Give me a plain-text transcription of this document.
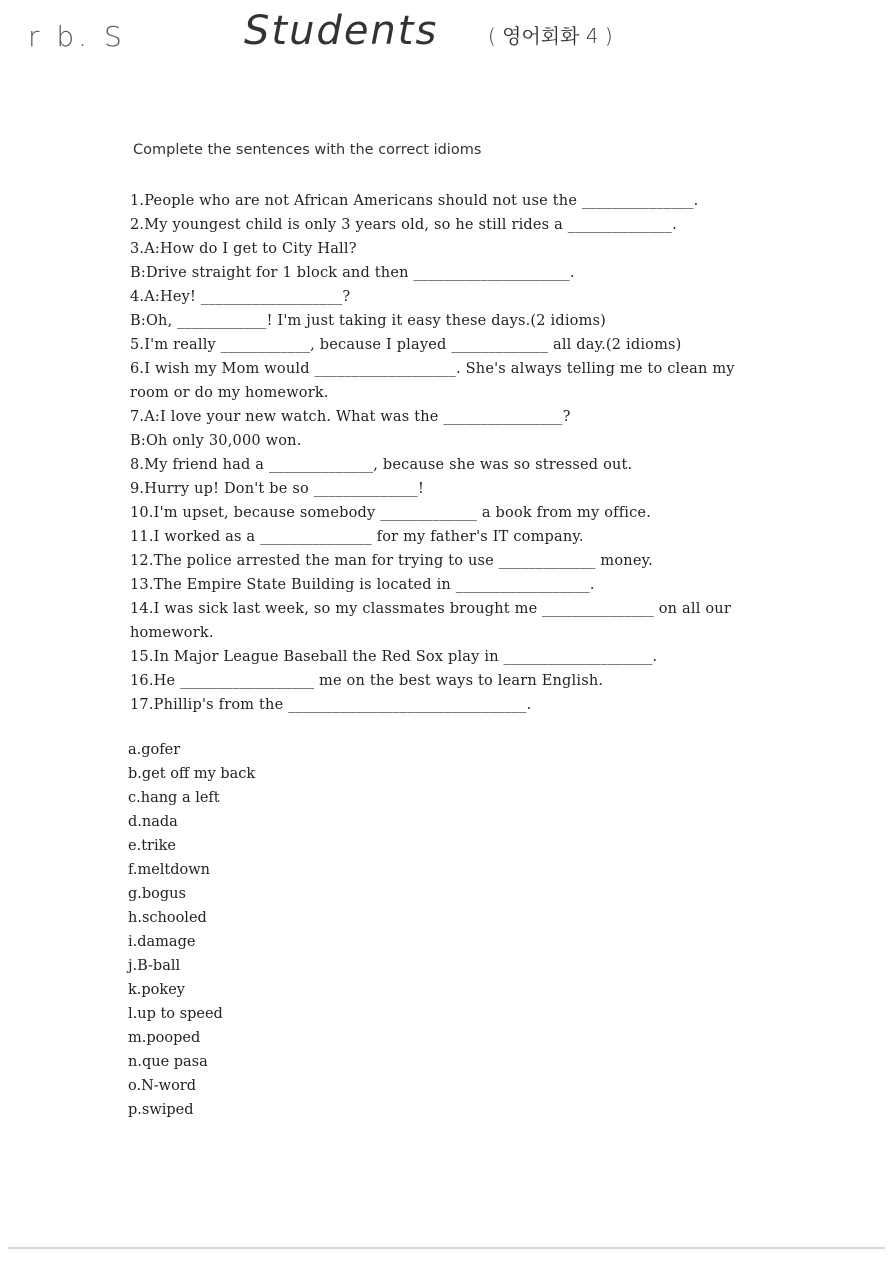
r b. S	Students ( 영어회화 4 )
Complete the sentences with the correct idioms
1.People who are not African Americans should not use the _______________.
2.My youngest child is only 3 years old, so he still rides a ______________.
3.A:How do I get to City Hall?
B:Drive straight for 1 block and then _____________________.
4.A:Hey! ___________________?
B:Oh, ____________! I'm just taking it easy these days.(2 idioms)
5.I'm really ____________, because I played _____________ all day.(2 idioms)
6.I wish my Mom would ___________________. She's always telling me to clean my
room or do my homework.
7.A:I love your new watch. What was the ________________?
B:Oh only 30,000 won.
8.My friend had a ______________, because she was so stressed out.
9.Hurry up! Don't be so ______________!
10.I'm upset, because somebody _____________ a book from my office.
11.I worked as a _______________ for my father's IT company.
12.The police arrested the man for trying to use _____________ money.
13.The Empire State Building is located in __________________.
14.I was sick last week, so my classmates brought me _______________ on all our
homework.
15.In Major League Baseball the Red Sox play in ____________________.
16.He __________________ me on the best ways to learn English.
17.Phillip's from the ________________________________.
a.gofer
b.get off my back
c.hang a left
d.nada
e.trike
f.meltdown
g.bogus
h.schooled
i.damage
j.B-ball
k.pokey
l.up to speed
m.pooped
n.que pasa
o.N-word
p.swiped
